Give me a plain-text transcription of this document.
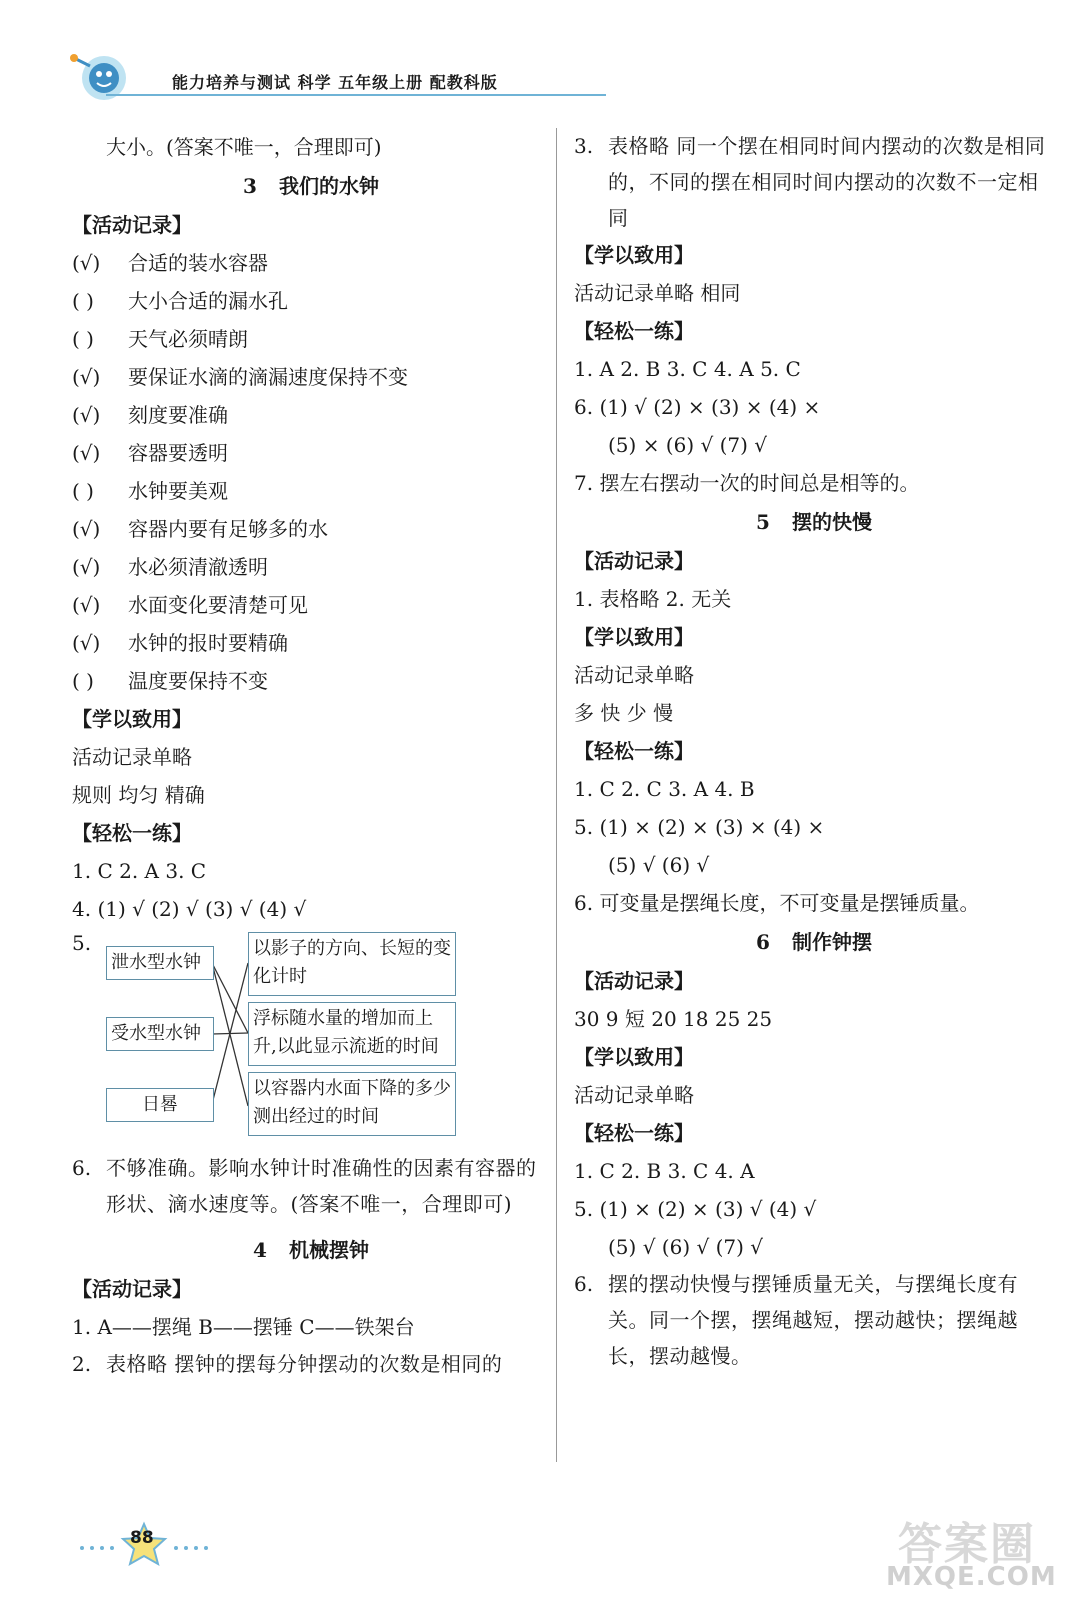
能力培养与测试 科学 五年级上册 配教科版
大小。(答案不唯一，合理即可)
3 我们的水钟
【活动记录】
(√) 合适的装水容器
( ) 大小合适的漏水孔
( ) 天气必须晴朗
(√) 要保证水滴的滴漏速度保持不变
(√) 刻度要准确
(√) 容器要透明
( ) 水钟要美观
(√) 容器内要有足够多的水
(√) 水必须清澈透明
(√) 水面变化要清楚可见
(√) 水钟的报时要精确
( ) 温度要保持不变
【学以致用】
活动记录单略
规则 均匀 精确
【轻松一练】
1. C 2. A 3. C
4. (1) √ (2) √ (3) √ (4) √
5.
泄水型水钟
受水型水钟
日晷
以影子的方向、长短的变化计时
浮标随水量的增加而上升,以此显示流逝的时间
以容器内水面下降的多少测出经过的时间
6. 不够准确。影响水钟计时准确性的因素有容器的形状、滴水速度等。(答案不唯一，合理即可)
4 机械摆钟
【活动记录】
1. A——摆绳 B——摆锤 C——铁架台
2. 表格略 摆钟的摆每分钟摆动的次数是相同的
3. 表格略 同一个摆在相同时间内摆动的次数是相同的，不同的摆在相同时间内摆动的次数不一定相同
【学以致用】
活动记录单略 相同
【轻松一练】
1. A 2. B 3. C 4. A 5. C
6. (1) √ (2) × (3) × (4) ×
(5) × (6) √ (7) √
7. 摆左右摆动一次的时间总是相等的。
5 摆的快慢
【活动记录】
1. 表格略 2. 无关
【学以致用】
活动记录单略
多 快 少 慢
【轻松一练】
1. C 2. C 3. A 4. B
5. (1) × (2) × (3) × (4) ×
(5) √ (6) √
6. 可变量是摆绳长度，不可变量是摆锤质量。
6 制作钟摆
【活动记录】
30 9 短 20 18 25 25
【学以致用】
活动记录单略
【轻松一练】
1. C 2. B 3. C 4. A
5. (1) × (2) × (3) √ (4) √
(5) √ (6) √ (7) √
6. 摆的摆动快慢与摆锤质量无关，与摆绳长度有关。同一个摆，摆绳越短，摆动越快；摆绳越长，摆动越慢。
88	答案圈
MXQE.COM
